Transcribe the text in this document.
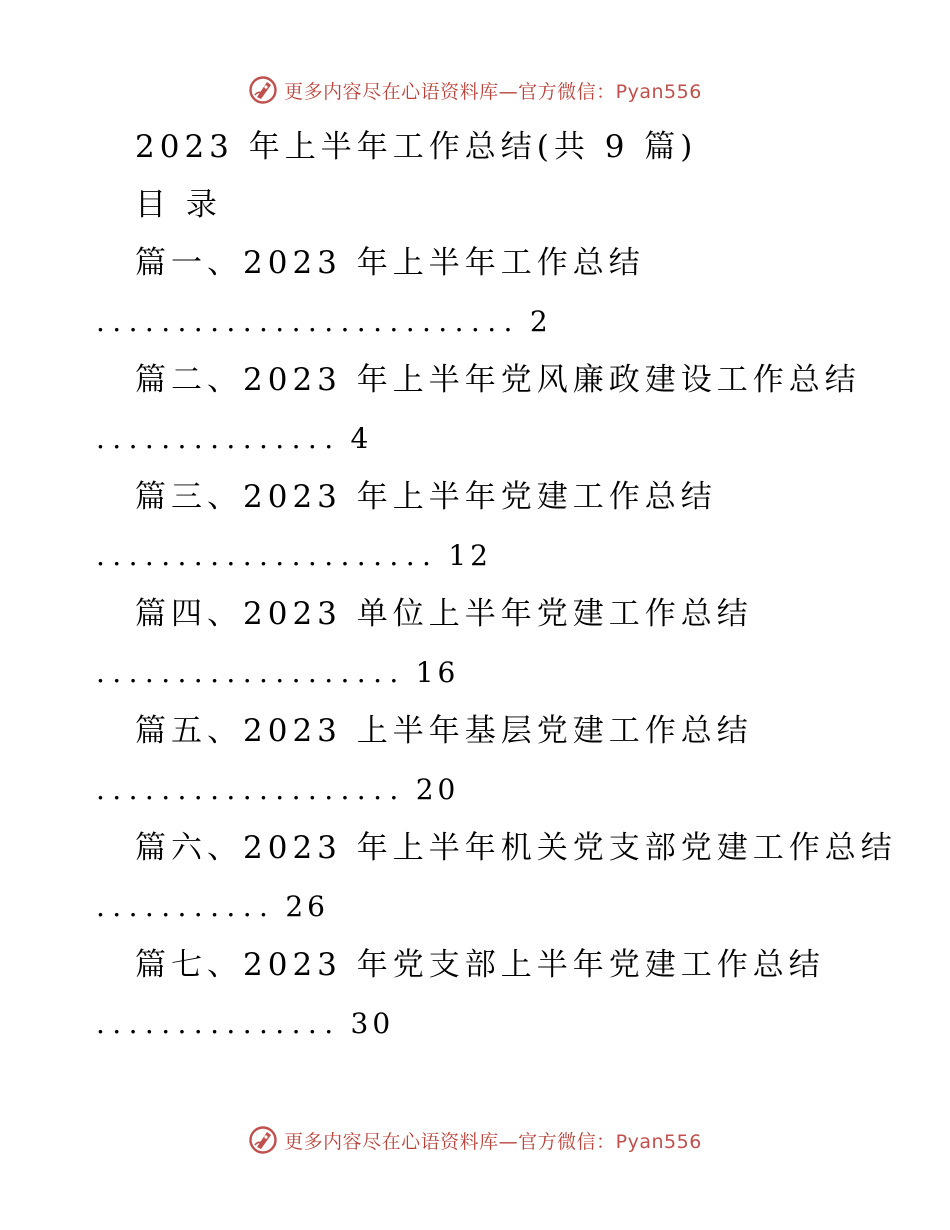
更多内容尽在心语资料库—官方微信：Pyan556
2023 年上半年工作总结(共 9 篇)
目 录
篇一、2023 年上半年工作总结
.......................... 2
篇二、2023 年上半年党风廉政建设工作总结
............... 4
篇三、2023 年上半年党建工作总结
..................... 12
篇四、2023 单位上半年党建工作总结
................... 16
篇五、2023 上半年基层党建工作总结
................... 20
篇六、2023 年上半年机关党支部党建工作总结
........... 26
篇七、2023 年党支部上半年党建工作总结
............... 30
更多内容尽在心语资料库—官方微信：Pyan556
